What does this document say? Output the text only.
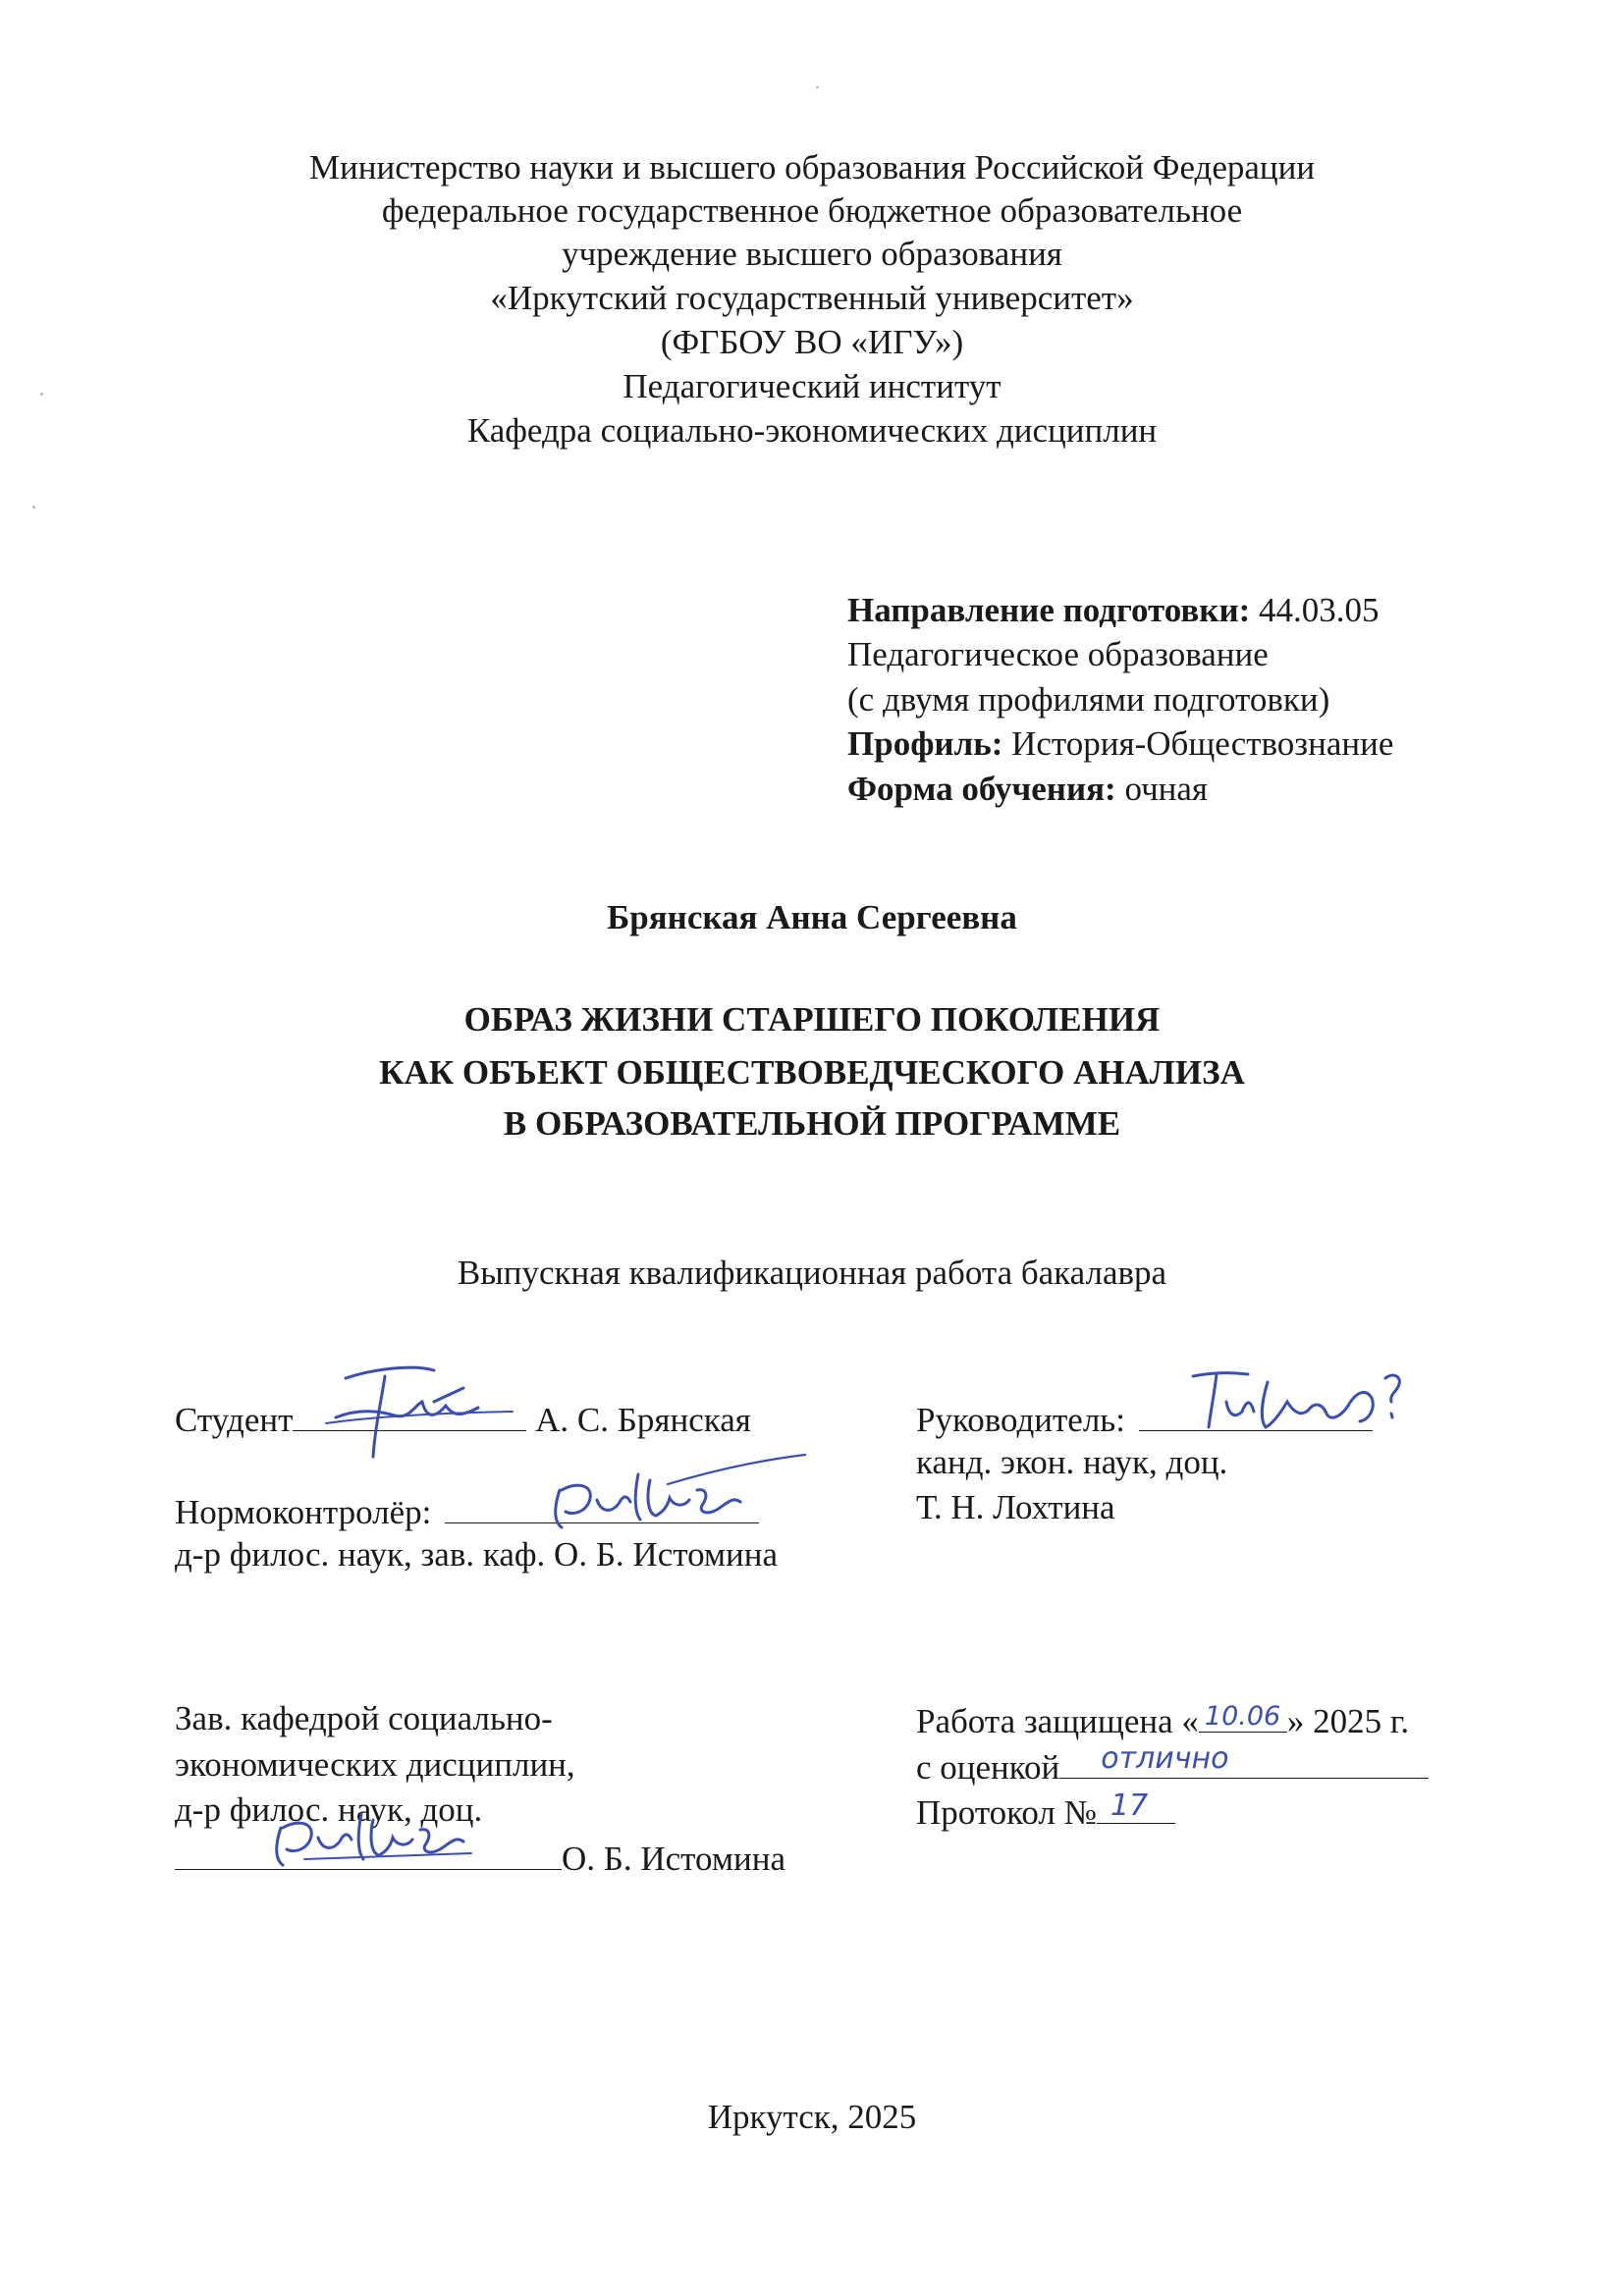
Министерство науки и высшего образования Российской Федерации
федеральное государственное бюджетное образовательное
учреждение высшего образования
«Иркутский государственный университет»
(ФГБОУ ВО «ИГУ»)
Педагогический институт
Кафедра социально-экономических дисциплин
Направление подготовки: 44.03.05
Педагогическое образование
(с двумя профилями подготовки)
Профиль: История-Обществознание
Форма обучения: очная
Брянская Анна Сергеевна
ОБРАЗ ЖИЗНИ СТАРШЕГО ПОКОЛЕНИЯ
КАК ОБЪЕКТ ОБЩЕСТВОВЕДЧЕСКОГО АНАЛИЗА
В ОБРАЗОВАТЕЛЬНОЙ ПРОГРАММЕ
Выпускная квалификационная работа бакалавра
Студент	А. С. Брянская	Руководитель:
канд. экон. наук, доц.
Т. Н. Лохтина
Нормоконтролёр:
д-р филос. наук, зав. каф. О. Б. Истомина
Зав. кафедрой социально-
экономических дисциплин,
д-р филос. наук, доц.
О. Б. Истомина
Работа защищена « 10.06 » 2025 г.
с оценкой отлично
Протокол № 17
Иркутск, 2025
